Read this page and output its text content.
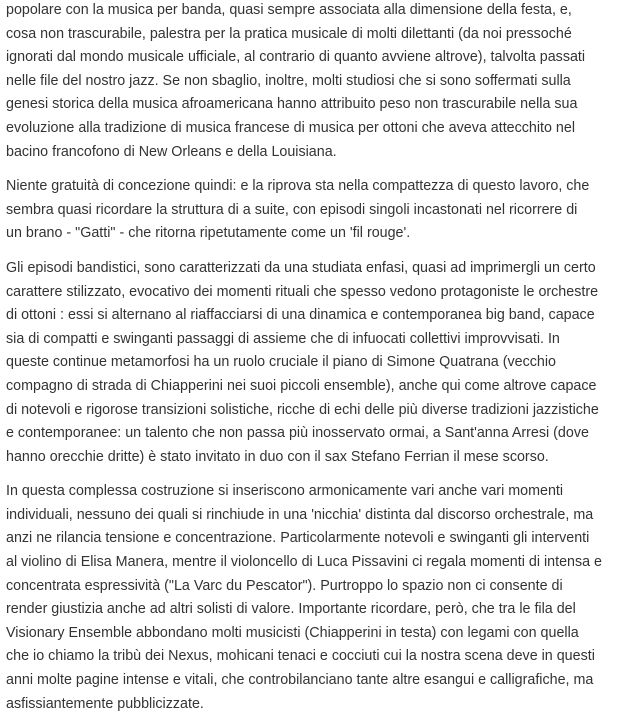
popolare con la musica per banda, quasi sempre associata alla dimensione della festa, e,
cosa non trascurabile, palestra per la pratica musicale di molti dilettanti (da noi pressoché
ignorati dal mondo musicale ufficiale, al contrario di quanto avviene altrove), talvolta passati
nelle file del nostro jazz. Se non sbaglio, inoltre, molti studiosi che si sono soffermati sulla
genesi storica della musica afroamericana hanno attribuito peso non trascurabile nella sua
evoluzione alla tradizione di musica francese di musica per ottoni che aveva attecchito nel
bacino francofono di New Orleans e della Louisiana.

Niente gratuità di concezione quindi: e la riprova sta nella compattezza di questo lavoro, che
sembra quasi ricordare la struttura di a suite, con episodi singoli incastonati nel ricorrere di
un brano - "Gatti" - che ritorna ripetutamente come un 'fil rouge'.

Gli episodi bandistici, sono caratterizzati da una studiata enfasi, quasi ad imprimergli un certo
carattere stilizzato, evocativo dei momenti rituali che spesso vedono protagoniste le orchestre
di ottoni : essi si alternano al riaffacciarsi di una dinamica e contemporanea big band, capace
sia di compatti e swinganti passaggi di assieme che di infuocati collettivi improvvisati. In
queste continue metamorfosi ha un ruolo cruciale il piano di Simone Quatrana (vecchio
compagno di strada di Chiapperini nei suoi piccoli ensemble), anche qui come altrove capace
di notevoli e rigorose transizioni solistiche, ricche di echi delle più diverse tradizioni jazzistiche
e contemporanee: un talento che non passa più inosservato ormai, a Sant'anna Arresi (dove
hanno orecchie dritte) è stato invitato in duo con il sax Stefano Ferrian il mese scorso.

In questa complessa costruzione si inseriscono armonicamente vari anche vari momenti
individuali, nessuno dei quali si rinchiude in una 'nicchia' distinta dal discorso orchestrale, ma
anzi ne rilancia tensione e concentrazione. Particolarmente notevoli e swinganti gli interventi
al violino di Elisa Manera, mentre il violoncello di Luca Pissavini ci regala momenti di intensa e
concentrata espressività ("La Varc du Pescator"). Purtroppo lo spazio non ci consente di
render giustizia anche ad altri solisti di valore. Importante ricordare, però, che tra le fila del
Visionary Ensemble abbondano molti musicisti (Chiapperini in testa) con legami con quella
che io chiamo la tribù dei Nexus, mohicani tenaci e cocciuti cui la nostra scena deve in questi
anni molte pagine intense e vitali, che controbilanciano tante altre esangui e calligrafiche, ma
asfissiantemente pubblicizzate.
